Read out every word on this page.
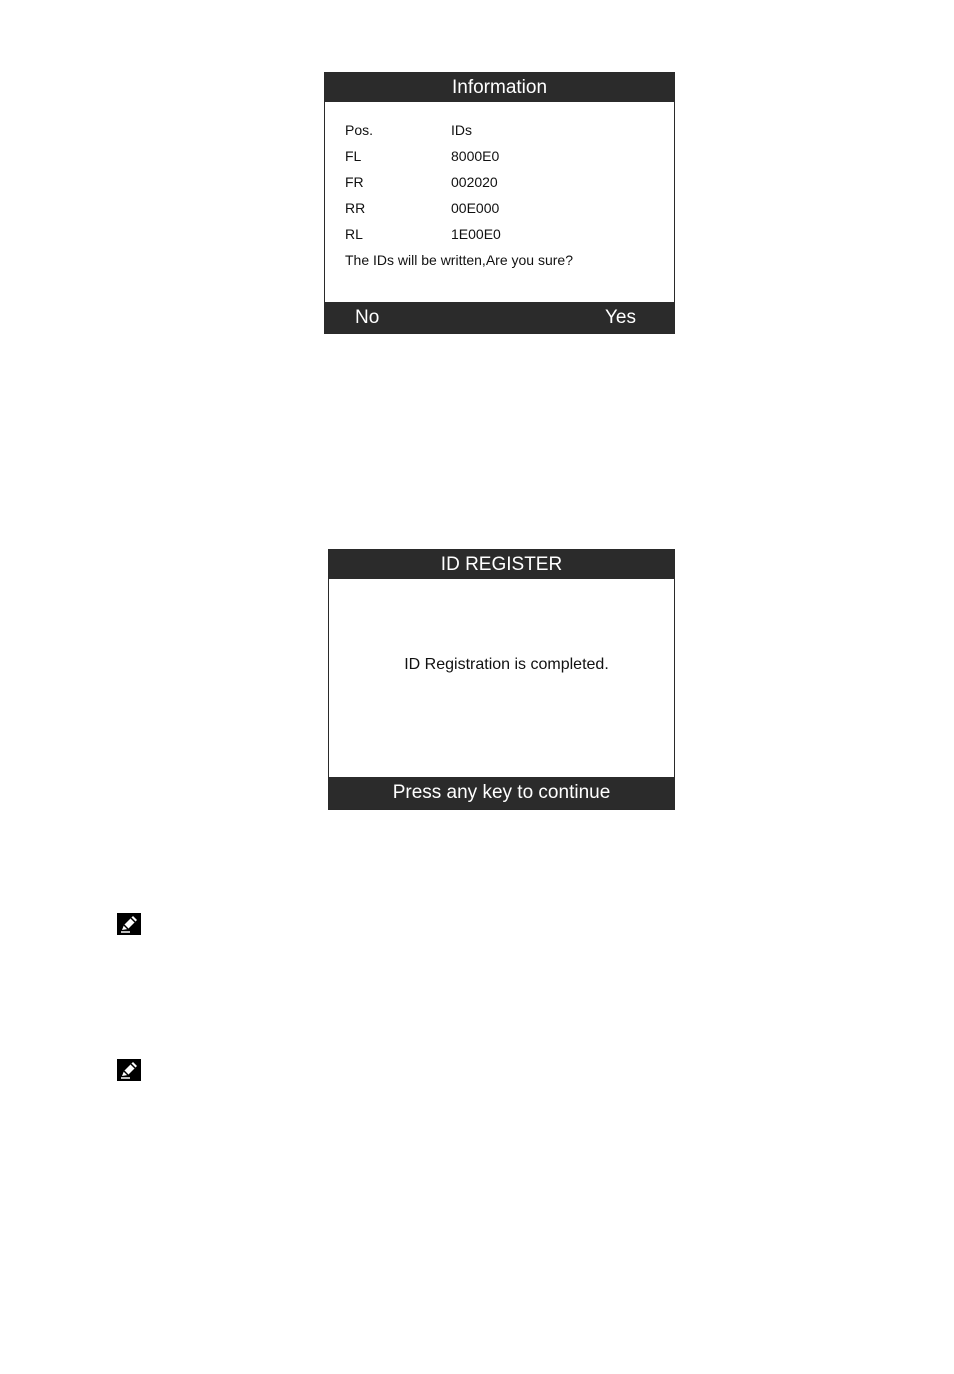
Information
Pos.	IDs
FL	8000E0
FR	002020
RR	00E000
RL	1E00E0
The IDs will be written,Are you sure?
No	Yes
ID REGISTER
ID Registration is completed.
Press any key to continue
